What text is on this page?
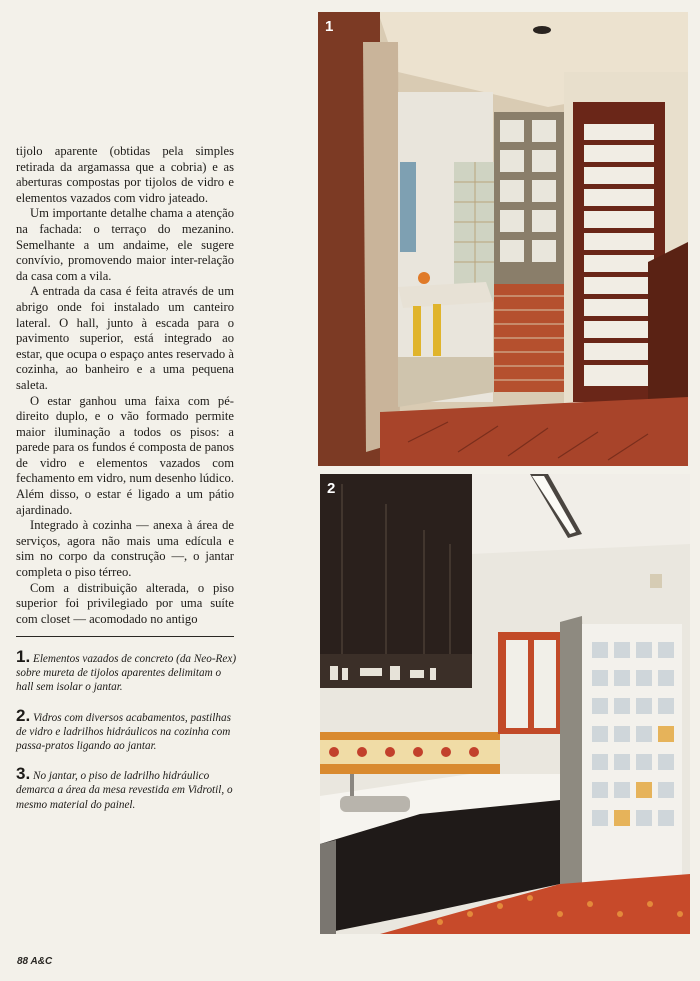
tijolo aparente (obtidas pela simples retirada da argamassa que a cobria) e as aberturas compostas por tijolos de vidro e elementos vazados com vidro jateado.

Um importante detalhe chama a atenção na fachada: o terraço do mezanino. Semelhante a um andaime, ele sugere convívio, promovendo maior inter-relação da casa com a vila.

A entrada da casa é feita através de um abrigo onde foi instalado um canteiro lateral. O hall, junto à escada para o pavimento superior, está integrado ao estar, que ocupa o espaço antes reservado à cozinha, ao banheiro e a uma pequena saleta.

O estar ganhou uma faixa com pé-direito duplo, e o vão formado permite maior iluminação a todos os pisos: a parede para os fundos é composta de panos de vidro e elementos vazados com fechamento em vidro, num desenho lúdico. Além disso, o estar é ligado a um pátio ajardinado.

Integrado à cozinha — anexa à área de serviços, agora não mais uma edícula e sim no corpo da construção —, o jantar completa o piso térreo.

Com a distribuição alterada, o piso superior foi privilegiado por uma suíte com closet — acomodado no antigo

1. Elementos vazados de concreto (da Neo-Rex) sobre mureta de tijolos aparentes delimitam o hall sem isolar o jantar.

2. Vidros com diversos acabamentos, pastilhas de vidro e ladrilhos hidráulicos na cozinha com passa-pratos ligando ao jantar.

3. No jantar, o piso de ladrilho hidráulico demarca a área da mesa revestida em Vidrotil, o mesmo material do painel.

88 A&C
1
2
